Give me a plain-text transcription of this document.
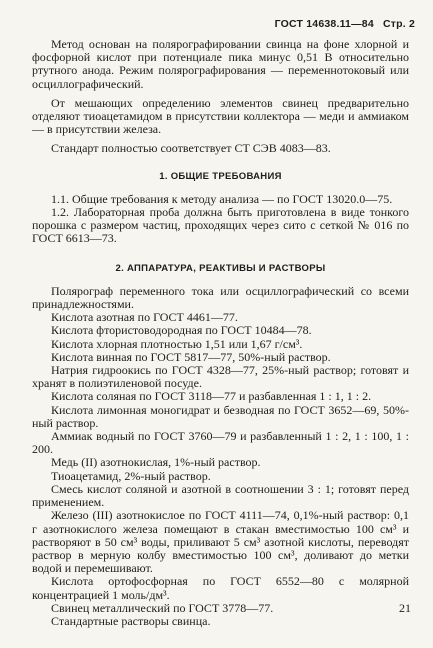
ГОСТ 14638.11—84 Стр. 2

Метод основан на полярографировании свинца на фоне хлорной и фосфорной кислот при потенциале пика минус 0,51 В относительно ртутного анода. Режим полярографирования — переменнотоковый или осциллографический.

От мешающих определению элементов свинец предварительно отделяют тиоацетамидом в присутствии коллектора — меди и аммиаком — в присутствии железа.

Стандарт полностью соответствует СТ СЭВ 4083—83.

1. ОБЩИЕ ТРЕБОВАНИЯ

1.1. Общие требования к методу анализа — по ГОСТ 13020.0—75.

1.2. Лабораторная проба должна быть приготовлена в виде тонкого порошка с размером частиц, проходящих через сито с сеткой № 016 по ГОСТ 6613—73.

2. АППАРАТУРА, РЕАКТИВЫ И РАСТВОРЫ

Полярограф переменного тока или осциллографический со всеми принадлежностями.

Кислота азотная по ГОСТ 4461—77.

Кислота фтористоводородная по ГОСТ 10484—78.

Кислота хлорная плотностью 1,51 или 1,67 г/см³.

Кислота винная по ГОСТ 5817—77, 50%-ный раствор.

Натрия гидроокись по ГОСТ 4328—77, 25%-ный раствор; готовят и хранят в полиэтиленовой посуде.

Кислота соляная по ГОСТ 3118—77 и разбавленная 1 : 1, 1 : 2.

Кислота лимонная моногидрат и безводная по ГОСТ 3652—69, 50%-ный раствор.

Аммиак водный по ГОСТ 3760—79 и разбавленный 1 : 2, 1 : 100, 1 : 200.

Медь (II) азотнокислая, 1%-ный раствор.

Тиоацетамид, 2%-ный раствор.

Смесь кислот соляной и азотной в соотношении 3 : 1; готовят перед применением.

Железо (III) азотнокислое по ГОСТ 4111—74, 0,1%-ный раствор: 0,1 г азотнокислого железа помещают в стакан вместимостью 100 см³ и растворяют в 50 см³ воды, приливают 5 см³ азотной кислоты, переводят раствор в мерную колбу вместимостью 100 см³, доливают до метки водой и перемешивают.

Кислота ортофосфорная по ГОСТ 6552—80 с молярной концентрацией 1 моль/дм³.

Свинец металлический по ГОСТ 3778—77.

Стандартные растворы свинца.

21
